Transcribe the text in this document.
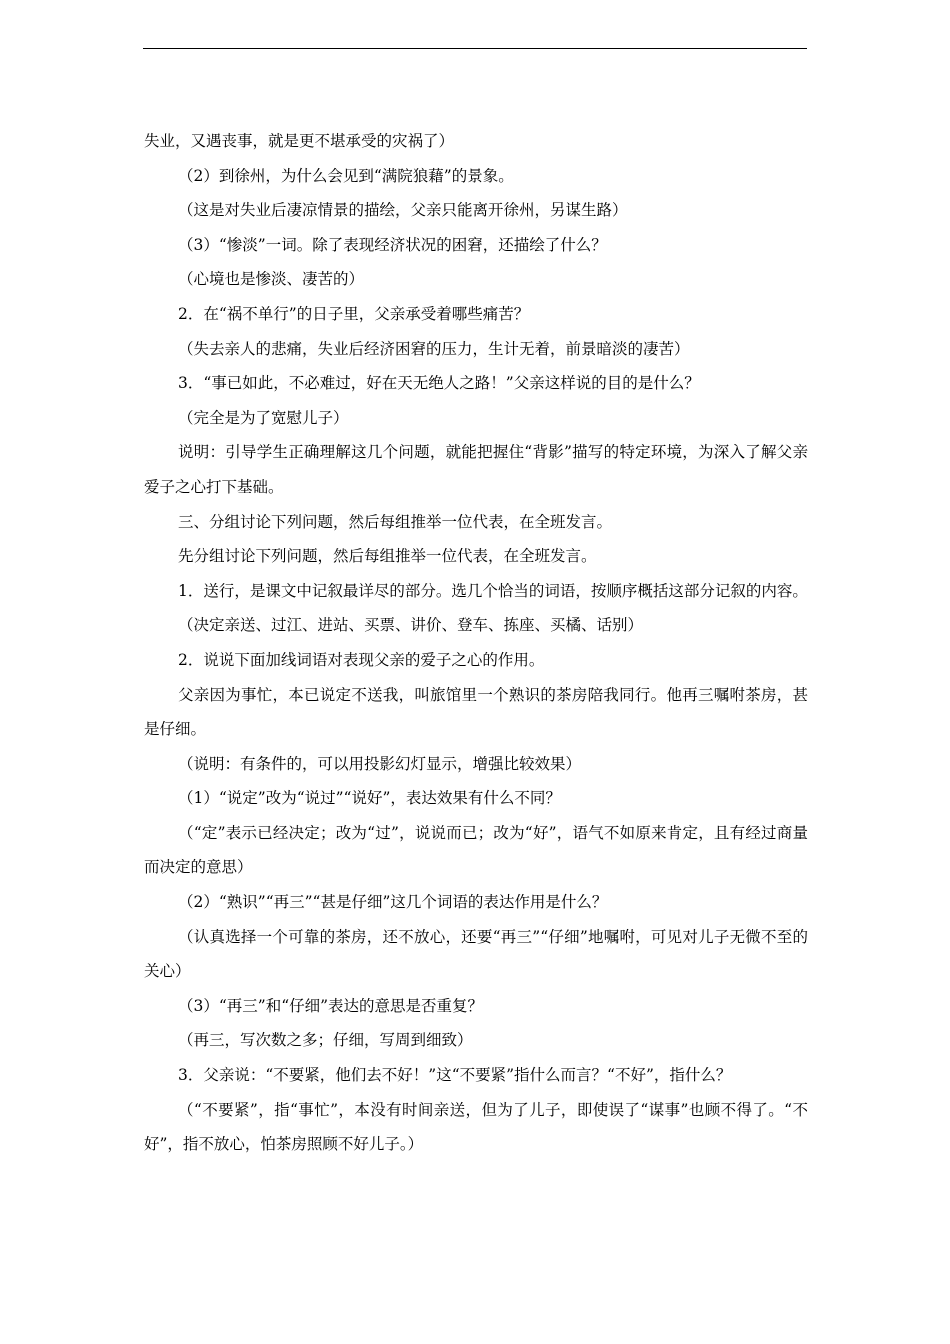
失业，又遇丧事，就是更不堪承受的灾祸了）

（2）到徐州，为什么会见到“满院狼藉”的景象。

（这是对失业后凄凉情景的描绘，父亲只能离开徐州，另谋生路）

（3）“惨淡”一词。除了表现经济状况的困窘，还描绘了什么？

（心境也是惨淡、凄苦的）

2．在“祸不单行”的日子里，父亲承受着哪些痛苦？

（失去亲人的悲痛，失业后经济困窘的压力，生计无着，前景暗淡的凄苦）

3．“事已如此，不必难过，好在天无绝人之路！”父亲这样说的目的是什么？

（完全是为了宽慰儿子）

说明：引导学生正确理解这几个问题，就能把握住“背影”描写的特定环境，为深入了解父亲爱子之心打下基础。

三、分组讨论下列问题，然后每组推举一位代表，在全班发言。

先分组讨论下列问题，然后每组推举一位代表，在全班发言。

1．送行，是课文中记叙最详尽的部分。选几个恰当的词语，按顺序概括这部分记叙的内容。

（决定亲送、过江、进站、买票、讲价、登车、拣座、买橘、话别）

2．说说下面加线词语对表现父亲的爱子之心的作用。

父亲因为事忙，本已说定不送我，叫旅馆里一个熟识的茶房陪我同行。他再三嘱咐茶房，甚是仔细。

（说明：有条件的，可以用投影幻灯显示，增强比较效果）

（1）“说定”改为“说过”“说好”，表达效果有什么不同？

（“定”表示已经决定；改为“过”，说说而已；改为“好”，语气不如原来肯定，且有经过商量而决定的意思）

（2）“熟识”“再三”“甚是仔细”这几个词语的表达作用是什么？

（认真选择一个可靠的茶房，还不放心，还要“再三”“仔细”地嘱咐，可见对儿子无微不至的关心）

（3）“再三”和“仔细”表达的意思是否重复？

（再三，写次数之多；仔细，写周到细致）

3．父亲说：“不要紧，他们去不好！”这“不要紧”指什么而言？“不好”，指什么？

（“不要紧”，指“事忙”，本没有时间亲送，但为了儿子，即使误了“谋事”也顾不得了。“不好”，指不放心，怕茶房照顾不好儿子。）
